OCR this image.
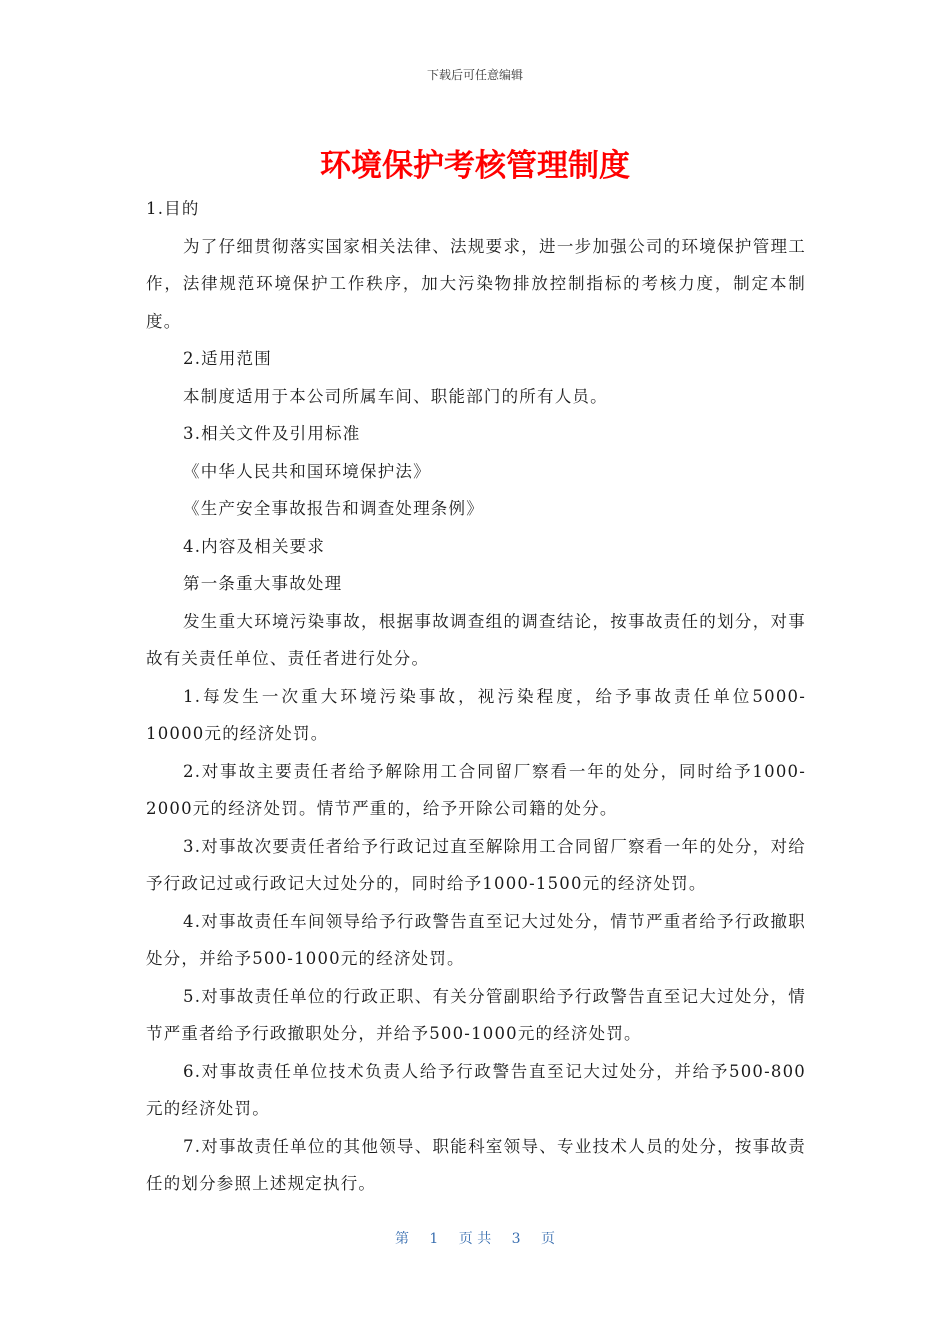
下载后可任意编辑
环境保护考核管理制度

1.目的

为了仔细贯彻落实国家相关法律、法规要求，进一步加强公司的环境保护管理工作，法律规范环境保护工作秩序，加大污染物排放控制指标的考核力度，制定本制度。

2.适用范围

本制度适用于本公司所属车间、职能部门的所有人员。

3.相关文件及引用标准

《中华人民共和国环境保护法》

《生产安全事故报告和调查处理条例》

4.内容及相关要求

第一条重大事故处理

发生重大环境污染事故，根据事故调查组的调查结论，按事故责任的划分，对事故有关责任单位、责任者进行处分。

1.每发生一次重大环境污染事故，视污染程度，给予事故责任单位5000-10000元的经济处罚。

2.对事故主要责任者给予解除用工合同留厂察看一年的处分，同时给予1000-2000元的经济处罚。情节严重的，给予开除公司籍的处分。

3.对事故次要责任者给予行政记过直至解除用工合同留厂察看一年的处分，对给予行政记过或行政记大过处分的，同时给予1000-1500元的经济处罚。

4.对事故责任车间领导给予行政警告直至记大过处分，情节严重者给予行政撤职处分，并给予500-1000元的经济处罚。

5.对事故责任单位的行政正职、有关分管副职给予行政警告直至记大过处分，情节严重者给予行政撤职处分，并给予500-1000元的经济处罚。

6.对事故责任单位技术负责人给予行政警告直至记大过处分，并给予500-800元的经济处罚。

7.对事故责任单位的其他领导、职能科室领导、专业技术人员的处分，按事故责任的划分参照上述规定执行。

第 1 页 共 3 页
